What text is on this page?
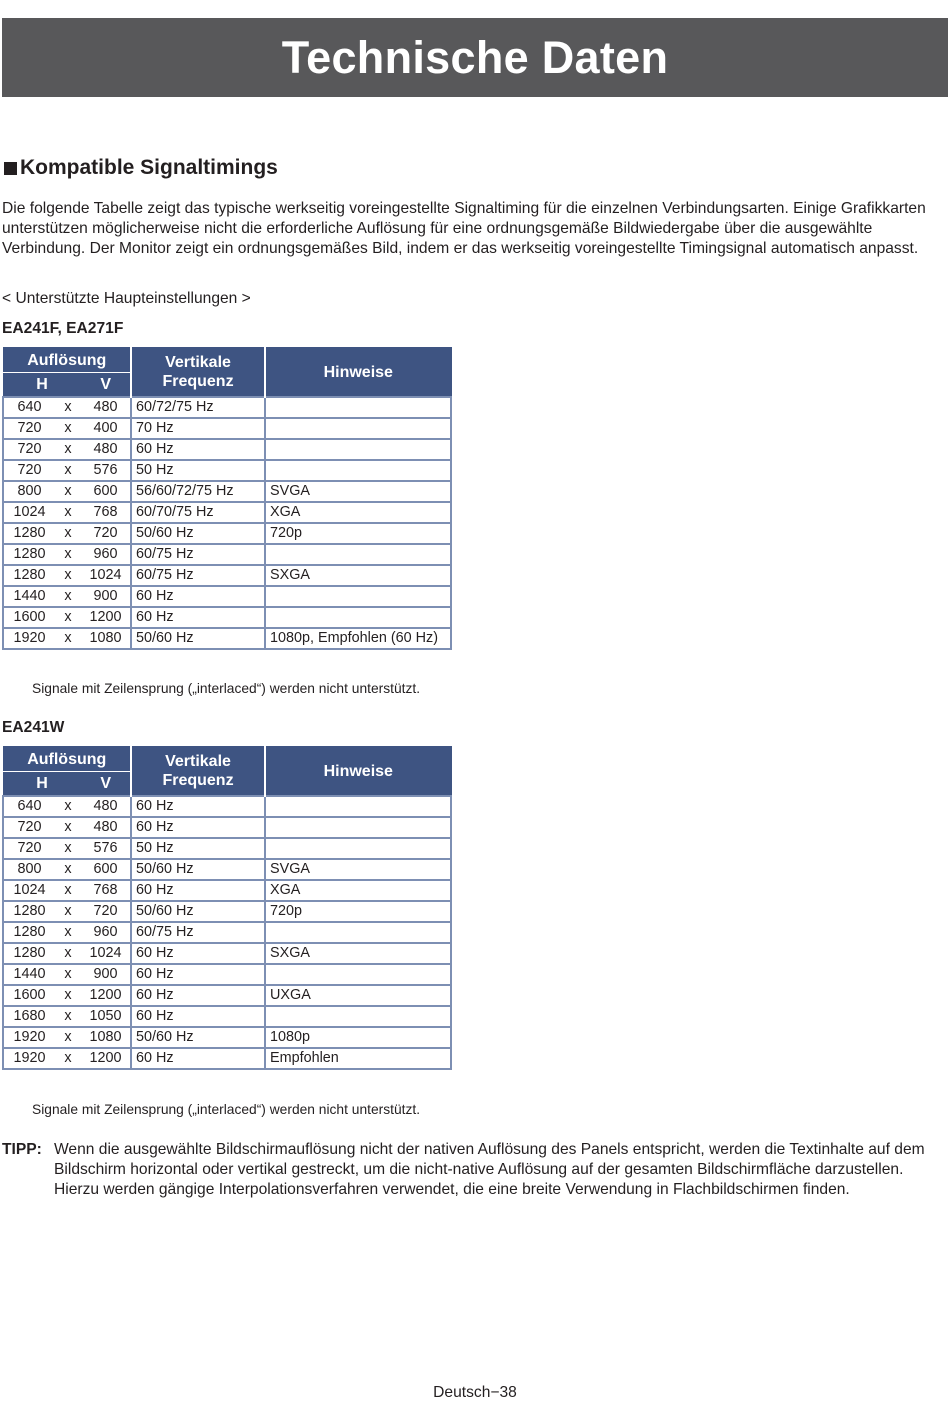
Technische Daten
Kompatible Signaltimings

Die folgende Tabelle zeigt das typische werkseitig voreingestellte Signaltiming für die einzelnen Verbindungsarten. Einige Grafikkarten unterstützen möglicherweise nicht die erforderliche Auflösung für eine ordnungsgemäße Bildwiedergabe über die ausgewählte Verbindung. Der Monitor zeigt ein ordnungsgemäßes Bild, indem er das werkseitig voreingestellte Timingsignal automatisch anpasst.

< Unterstützte Haupteinstellungen >
EA241F, EA271F
Auflösung			Vertikale Frequenz	Hinweise
H		V		
640	x	480	60/72/75 Hz	
720	x	400	70 Hz	
720	x	480	60 Hz	
720	x	576	50 Hz	
800	x	600	56/60/72/75 Hz	SVGA
1024	x	768	60/70/75 Hz	XGA
1280	x	720	50/60 Hz	720p
1280	x	960	60/75 Hz	
1280	x	1024	60/75 Hz	SXGA
1440	x	900	60 Hz	
1600	x	1200	60 Hz	
1920	x	1080	50/60 Hz	1080p, Empfohlen (60 Hz)
Signale mit Zeilensprung („interlaced“) werden nicht unterstützt.
EA241W
Auflösung			Vertikale Frequenz	Hinweise
H		V		
640	x	480	60 Hz	
720	x	480	60 Hz	
720	x	576	50 Hz	
800	x	600	50/60 Hz	SVGA
1024	x	768	60 Hz	XGA
1280	x	720	50/60 Hz	720p
1280	x	960	60/75 Hz	
1280	x	1024	60 Hz	SXGA
1440	x	900	60 Hz	
1600	x	1200	60 Hz	UXGA
1680	x	1050	60 Hz	
1920	x	1080	50/60 Hz	1080p
1920	x	1200	60 Hz	Empfohlen
Signale mit Zeilensprung („interlaced“) werden nicht unterstützt.
TIPP: Wenn die ausgewählte Bildschirmauflösung nicht der nativen Auflösung des Panels entspricht, werden die Textinhalte auf dem Bildschirm horizontal oder vertikal gestreckt, um die nicht-native Auflösung auf der gesamten Bildschirmfläche darzustellen. Hierzu werden gängige Interpolationsverfahren verwendet, die eine breite Verwendung in Flachbildschirmen finden.
Deutsch−38
